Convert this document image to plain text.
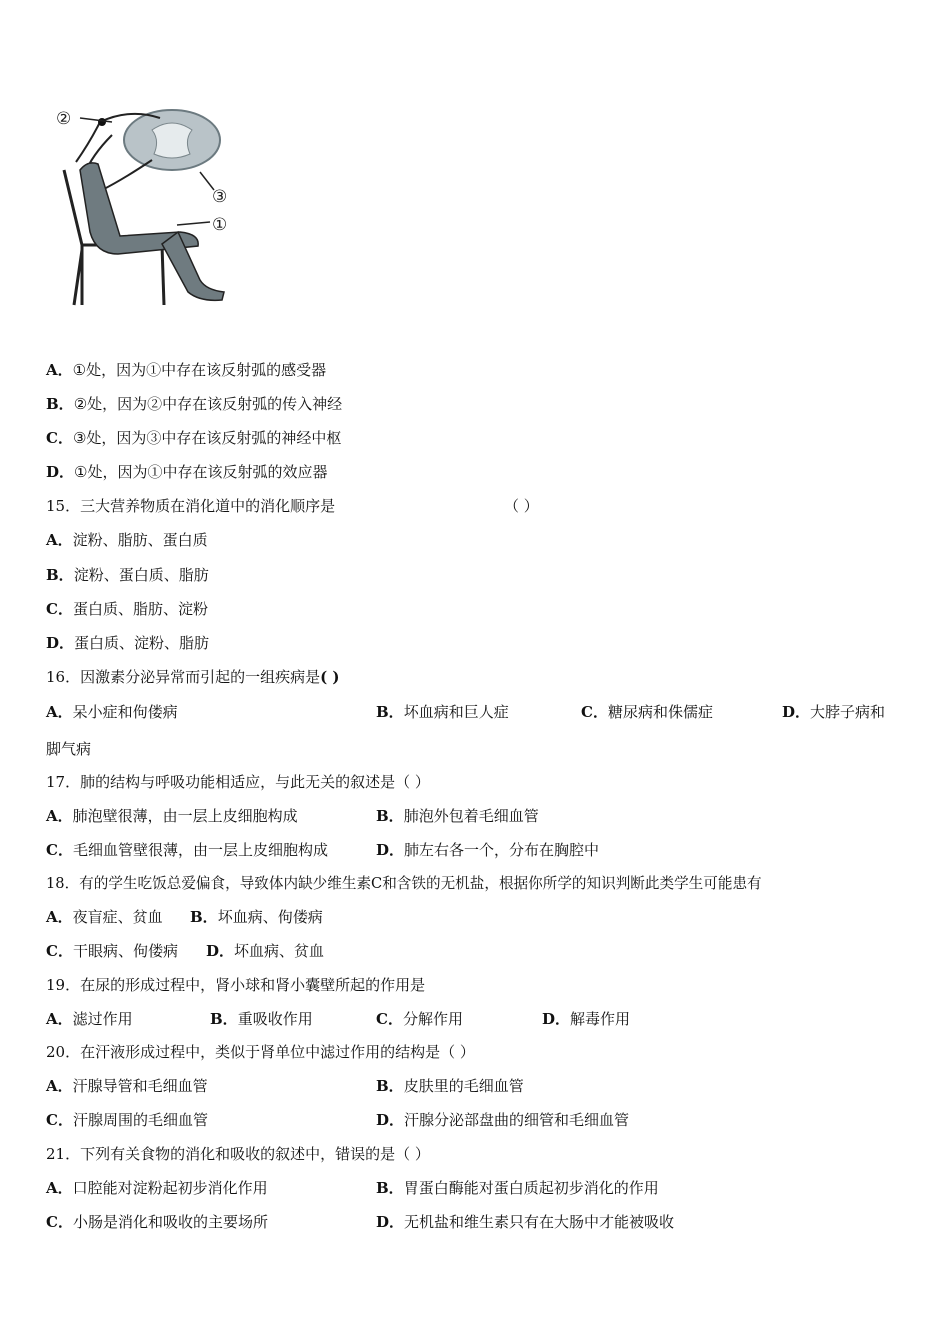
②
③
①
A．①处，因为①中存在该反射弧的感受器
B．②处，因为②中存在该反射弧的传入神经
C．③处，因为③中存在该反射弧的神经中枢
D．①处，因为①中存在该反射弧的效应器
15．三大营养物质在消化道中的消化顺序是	（ ）
A．淀粉、脂肪、蛋白质
B．淀粉、蛋白质、脂肪
C．蛋白质、脂肪、淀粉
D．蛋白质、淀粉、脂肪
16．因激素分泌异常而引起的一组疾病是( )
A．呆小症和佝偻病	B．坏血病和巨人症	C．糖尿病和侏儒症	D．大脖子病和
脚气病
17．肺的结构与呼吸功能相适应，与此无关的叙述是（ ）
A．肺泡壁很薄，由一层上皮细胞构成	B．肺泡外包着毛细血管
C．毛细血管壁很薄，由一层上皮细胞构成	D．肺左右各一个，分布在胸腔中
18．有的学生吃饭总爱偏食，导致体内缺少维生素C和含铁的无机盐，根据你所学的知识判断此类学生可能患有
A．夜盲症、贫血 B．坏血病、佝偻病
C．干眼病、佝偻病 D．坏血病、贫血
19．在尿的形成过程中，肾小球和肾小囊壁所起的作用是
A．滤过作用	B．重吸收作用	C．分解作用	D．解毒作用
20．在汗液形成过程中，类似于肾单位中滤过作用的结构是（ ）
A．汗腺导管和毛细血管	B．皮肤里的毛细血管
C．汗腺周围的毛细血管	D．汗腺分泌部盘曲的细管和毛细血管
21．下列有关食物的消化和吸收的叙述中，错误的是（ ）
A．口腔能对淀粉起初步消化作用	B．胃蛋白酶能对蛋白质起初步消化的作用
C．小肠是消化和吸收的主要场所	D．无机盐和维生素只有在大肠中才能被吸收
